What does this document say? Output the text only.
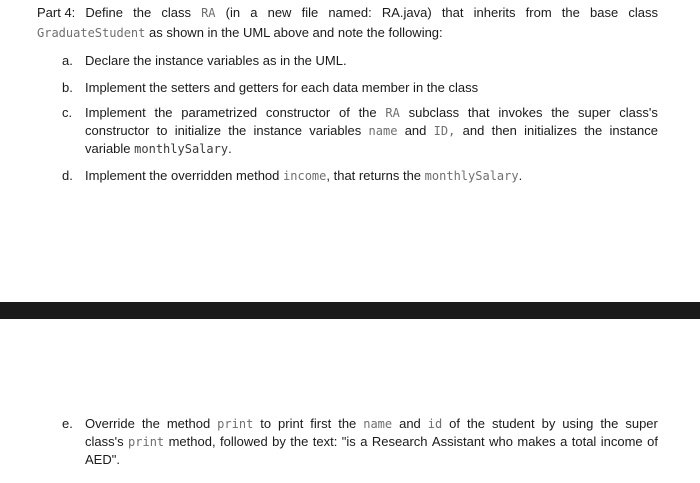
Part 4: Define the class RA (in a new file named: RA.java) that inherits from the base class
GraduateStudent as shown in the UML above and note the following:
a. Declare the instance variables as in the UML.
b. Implement the setters and getters for each data member in the class
c. Implement the parametrized constructor of the RA subclass that invokes the super class's
constructor to initialize the instance variables name and ID, and then initializes the instance
variable monthlySalary.
d. Implement the overridden method income, that returns the monthlySalary.
e. Override the method print to print first the name and id of the student by using the super
class's print method, followed by the text: "is a Research Assistant who makes a total income of
AED".
